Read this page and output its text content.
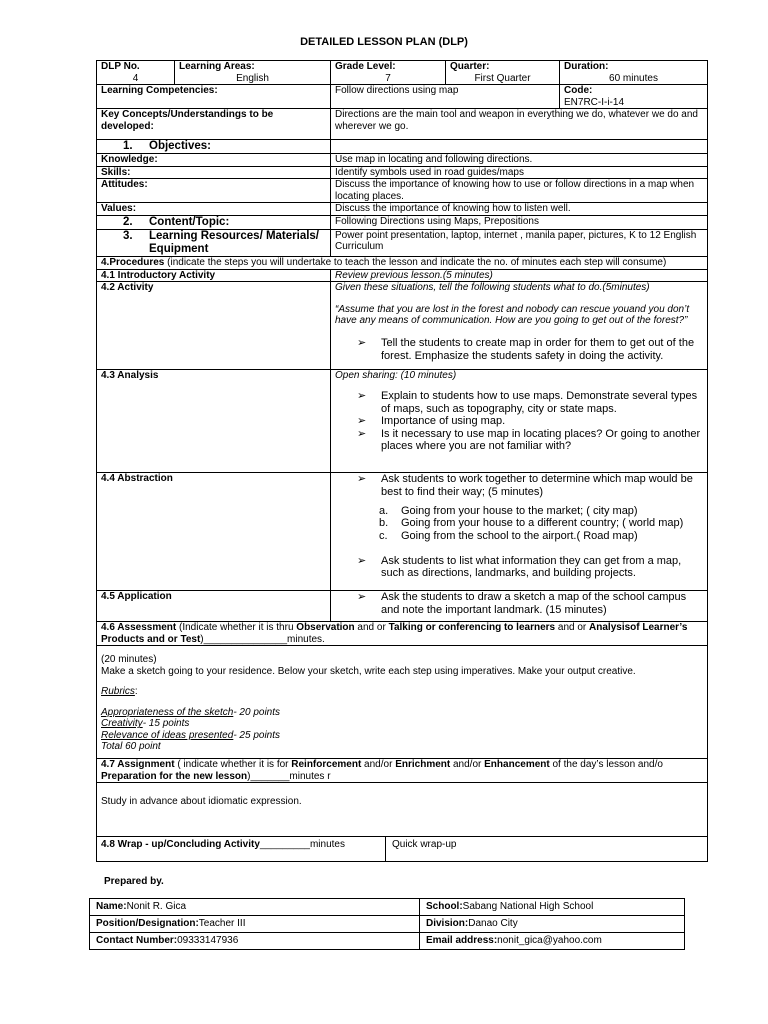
DETAILED LESSON PLAN (DLP)
DLP No.
4

Learning Areas:
English

Grade Level:
7

Quarter:
First Quarter

Duration:
60 minutes

Learning Competencies:	Follow directions using map	Code:
EN7RC-I-i-14

Key Concepts/Understandings to be developed:	Directions are the main tool and weapon in everything we do, whatever we do and wherever we go.

1. Objectives:

Knowledge:	Use map in locating and following directions.
Skills:	Identify symbols used in road guides/maps
Attitudes:	Discuss the importance of knowing how to use or follow directions in a map when locating places.
Values:	Discuss the importance of knowing how to listen well.

2. Content/Topic:	Following Directions using Maps, Prepositions

3. Learning Resources/ Materials/ Equipment
	Power point presentation, laptop, internet , manila paper, pictures, K to 12 English Curriculum
4.Procedures (indicate the steps you will undertake to teach the lesson and indicate the no. of minutes each step will consume)
4.1 Introductory Activity	Review previous lesson.(5 minutes)
4.2 Activity	Given these situations, tell the following students what to do.(5minutes)
“Assume that you are lost in the forest and nobody can rescue youand you don’t have any means of communication. How are you going to get out of the forest?”
➢ Tell the students to create map in order for them to get out of the forest. Emphasize the students safety in doing the activity.

4.3 Analysis	Open sharing: (10 minutes)
➢ Explain to students how to use maps. Demonstrate several types of maps, such as topography, city or state maps.
➢ Importance of using map.
➢ Is it necessary to use map in locating places? Or going to another places where you are not familiar with?

4.4 Abstraction	➢ Ask students to work together to determine which map would be best to find their way; (5 minutes)
a. Going from your house to the market; ( city map)
b. Going from your house to a different country; ( world map)
c. Going from the school to the airport.( Road map)
➢ Ask students to list what information they can get from a map, such as directions, landmarks, and building projects.

4.5 Application	➢ Ask the students to draw a sketch a map of the school campus and note the important landmark. (15 minutes)

4.6 Assessment (Indicate whether it is thru Observation and or Talking or conferencing to learners and or Analysisof Learner’s Products and or Test)_______________minutes.

(20 minutes)
Make a sketch going to your residence. Below your sketch, write each step using imperatives. Make your output creative.
Rubrics:
Appropriateness of the sketch- 20 points
Creativity- 15 points
Relevance of ideas presented- 25 points
Total 60 point

4.7 Assignment ( indicate whether it is for Reinforcement and/or Enrichment and/or Enhancement of the day’s lesson and/o
Preparation for the new lesson)_______minutes r

Study in advance about idiomatic expression.

4.8 Wrap - up/Concluding Activity_________minutes	Quick wrap-up
Prepared by.
Name:Nonit R. Gica	School:Sabang National High School
Position/Designation:Teacher III	Division:Danao City
Contact Number:09333147936	Email address:nonit_gica@yahoo.com
